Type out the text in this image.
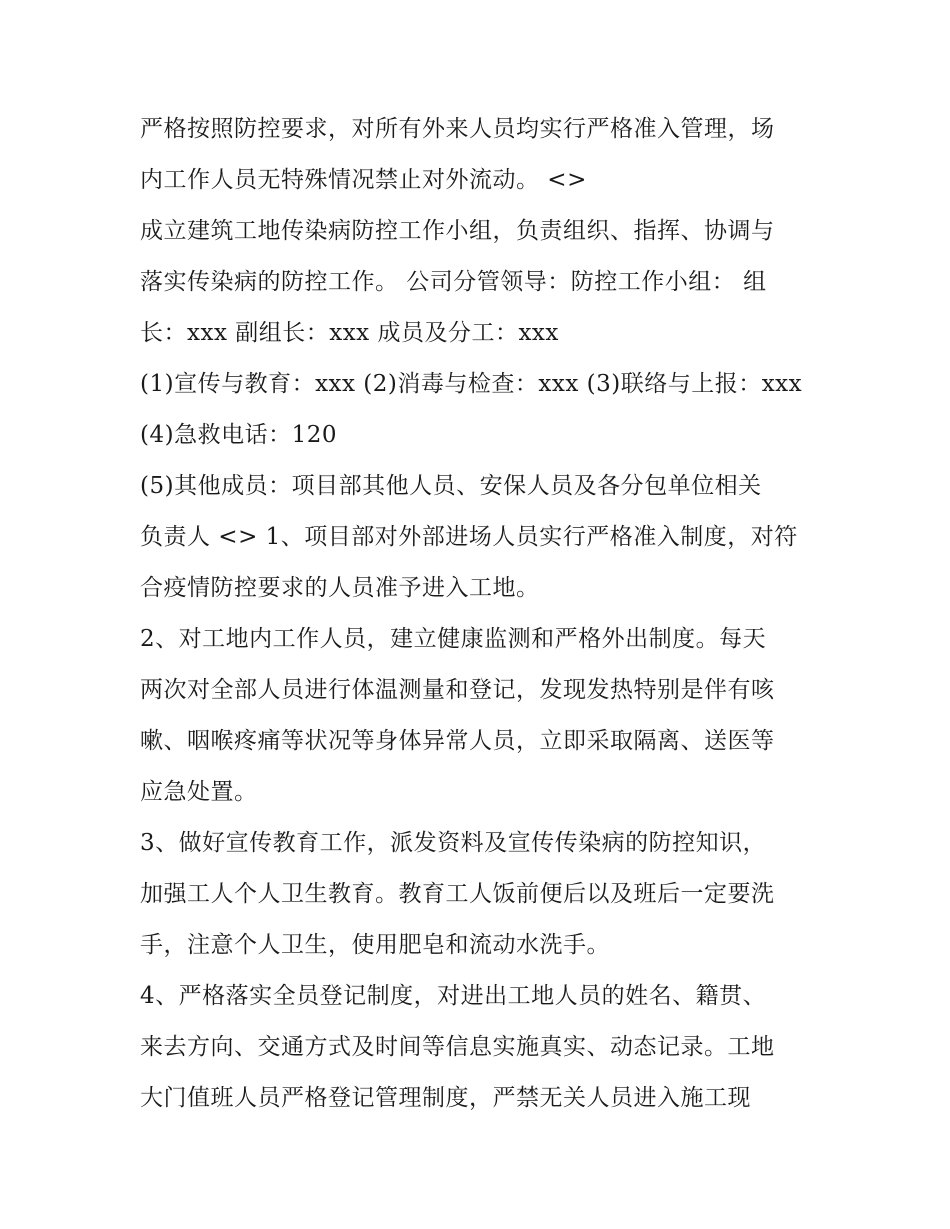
严格按照防控要求，对所有外来人员均实行严格准入管理，场
内工作人员无特殊情况禁止对外流动。 <>
成立建筑工地传染病防控工作小组，负责组织、指挥、协调与
落实传染病的防控工作。 公司分管领导：防控工作小组： 组
长：xxx 副组长：xxx 成员及分工：xxx
(1)宣传与教育：xxx (2)消毒与检查：xxx (3)联络与上报：xxx
(4)急救电话：120
(5)其他成员：项目部其他人员、安保人员及各分包单位相关
负责人 <> 1、项目部对外部进场人员实行严格准入制度，对符
合疫情防控要求的人员准予进入工地。
2、对工地内工作人员，建立健康监测和严格外出制度。每天
两次对全部人员进行体温测量和登记，发现发热特别是伴有咳
嗽、咽喉疼痛等状况等身体异常人员，立即采取隔离、送医等
应急处置。
3、做好宣传教育工作，派发资料及宣传传染病的防控知识，
加强工人个人卫生教育。教育工人饭前便后以及班后一定要洗
手，注意个人卫生，使用肥皂和流动水洗手。
4、严格落实全员登记制度，对进出工地人员的姓名、籍贯、
来去方向、交通方式及时间等信息实施真实、动态记录。工地
大门值班人员严格登记管理制度，严禁无关人员进入施工现
